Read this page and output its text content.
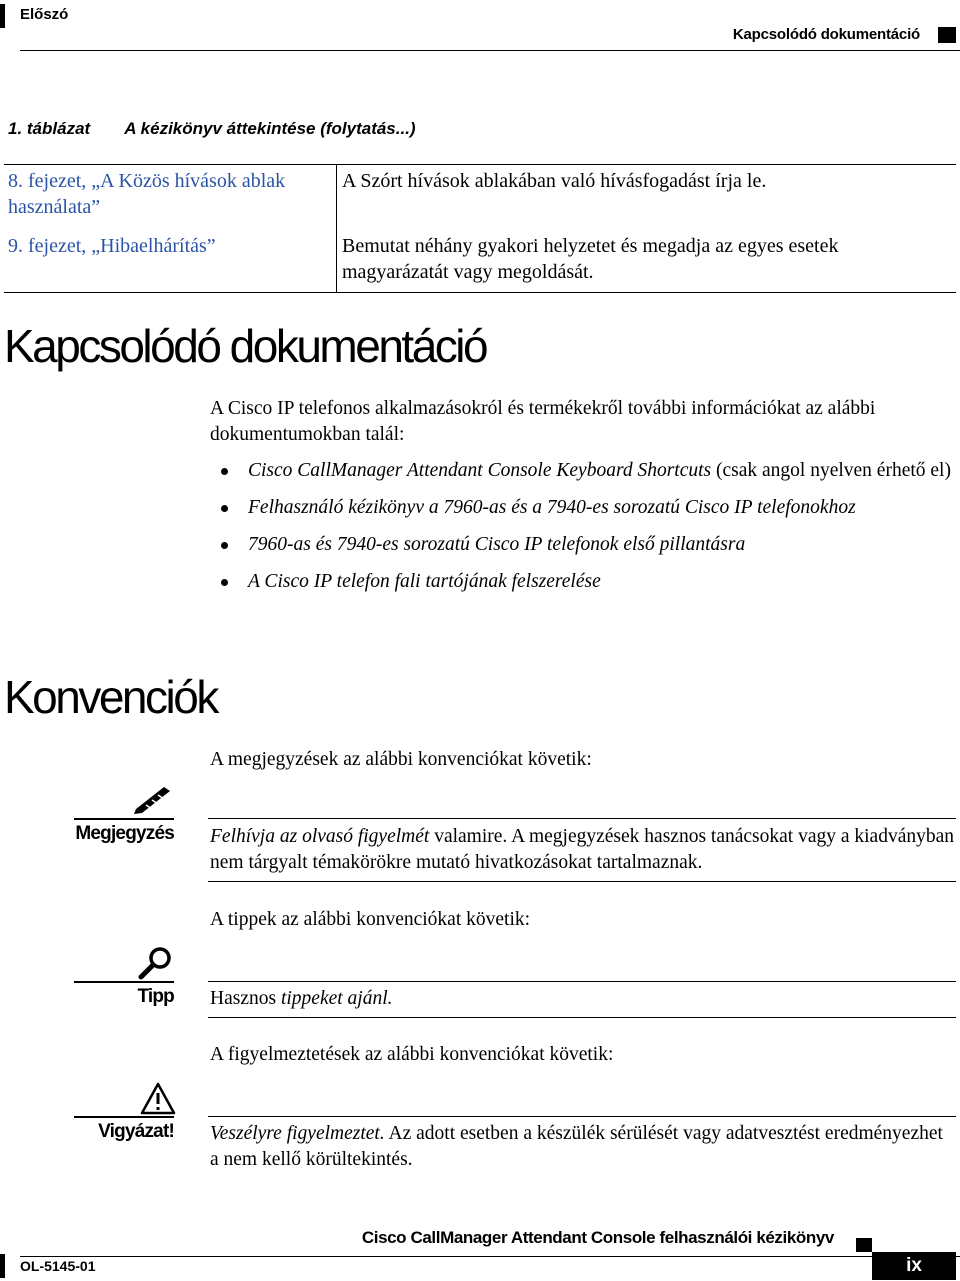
Előszó
Kapcsolódó dokumentáció
1. táblázat A kézikönyv áttekintése (folytatás...)
8. fejezet, „A Közös hívások ablak használata”
A Szórt hívások ablakában való hívásfogadást írja le.
9. fejezet, „Hibaelhárítás”	Bemutat néhány gyakori helyzetet és megadja az egyes esetek magyarázatát vagy megoldását.
Kapcsolódó dokumentáció
A Cisco IP telefonos alkalmazásokról és termékekről további információkat az alábbi dokumentumokban talál:
Cisco CallManager Attendant Console Keyboard Shortcuts (csak angol nyelven érhető el)
Felhasználó kézikönyv a 7960-as és a 7940-es sorozatú Cisco IP telefonokhoz
7960-as és 7940-es sorozatú Cisco IP telefonok első pillantásra
A Cisco IP telefon fali tartójának felszerelése
Konvenciók
A megjegyzések az alábbi konvenciókat követik:
Megjegyzés Felhívja az olvasó figyelmét valamire. A megjegyzések hasznos tanácsokat vagy a kiadványban nem tárgyalt témakörökre mutató hivatkozásokat tartalmaznak.
A tippek az alábbi konvenciókat követik:
Tipp Hasznos tippeket ajánl.
A figyelmeztetések az alábbi konvenciókat követik:
Vigyázat! Veszélyre figyelmeztet. Az adott esetben a készülék sérülését vagy adatvesztést eredményezhet a nem kellő körültekintés.
Cisco CallManager Attendant Console felhasználói kézikönyv
OL-5145-01	ix
